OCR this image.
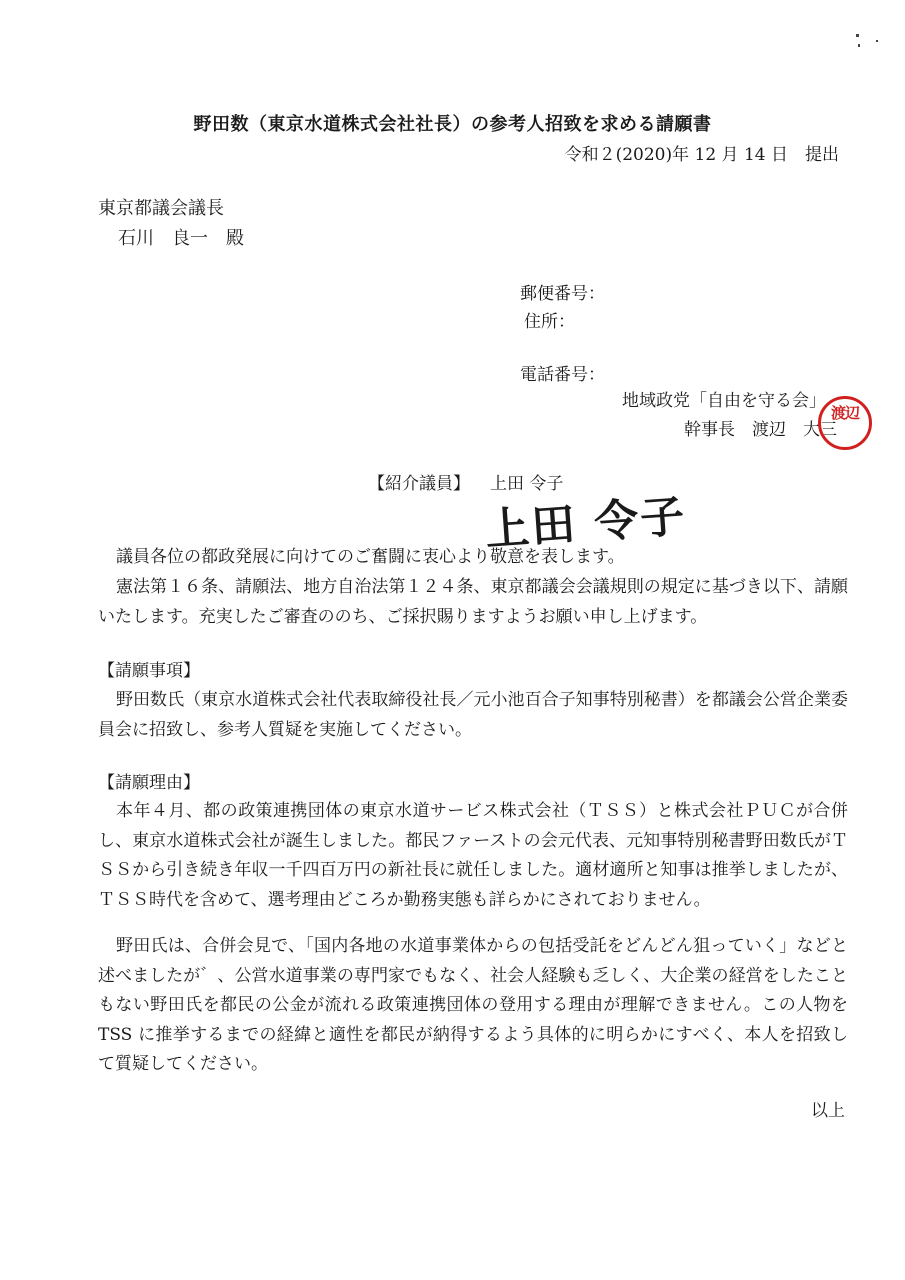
野田数（東京水道株式会社社長）の参考人招致を求める請願書
令和２(2020)年 12 月 14 日　提出
東京都議会議長
石川　良一　殿
郵便番号：
住所：
電話番号：
地域政党「自由を守る会」
幹事長　渡辺　大三
渡辺
【紹介議員】 上田 令子
上田 令子
議員各位の都政発展に向けてのご奮闘に衷心より敬意を表します。
憲法第１６条、請願法、地方自治法第１２４条、東京都議会会議規則の規定に基づき以下、請願いたします。充実したご審査ののち、ご採択賜りますようお願い申し上げます。
【請願事項】
野田数氏（東京水道株式会社代表取締役社長／元小池百合子知事特別秘書）を都議会公営企業委員会に招致し、参考人質疑を実施してください。
【請願理由】
本年４月、都の政策連携団体の東京水道サービス株式会社（ＴＳＳ）と株式会社ＰＵＣが合併し、東京水道株式会社が誕生しました。都民ファーストの会元代表、元知事特別秘書野田数氏がＴＳＳから引き続き年収一千四百万円の新社長に就任しました。適材適所と知事は推挙しましたが、ＴＳＳ時代を含めて、選考理由どころか勤務実態も詳らかにされておりません。
野田氏は、合併会見で、「国内各地の水道事業体からの包括受託をどんどん狙っていく」などと述べましたが゛、公営水道事業の専門家でもなく、社会人経験も乏しく、大企業の経営をしたこともない野田氏を都民の公金が流れる政策連携団体の登用する理由が理解できません。この人物を TSS に推挙するまでの経緯と適性を都民が納得するよう具体的に明らかにすべく、本人を招致して質疑してください。
以上
